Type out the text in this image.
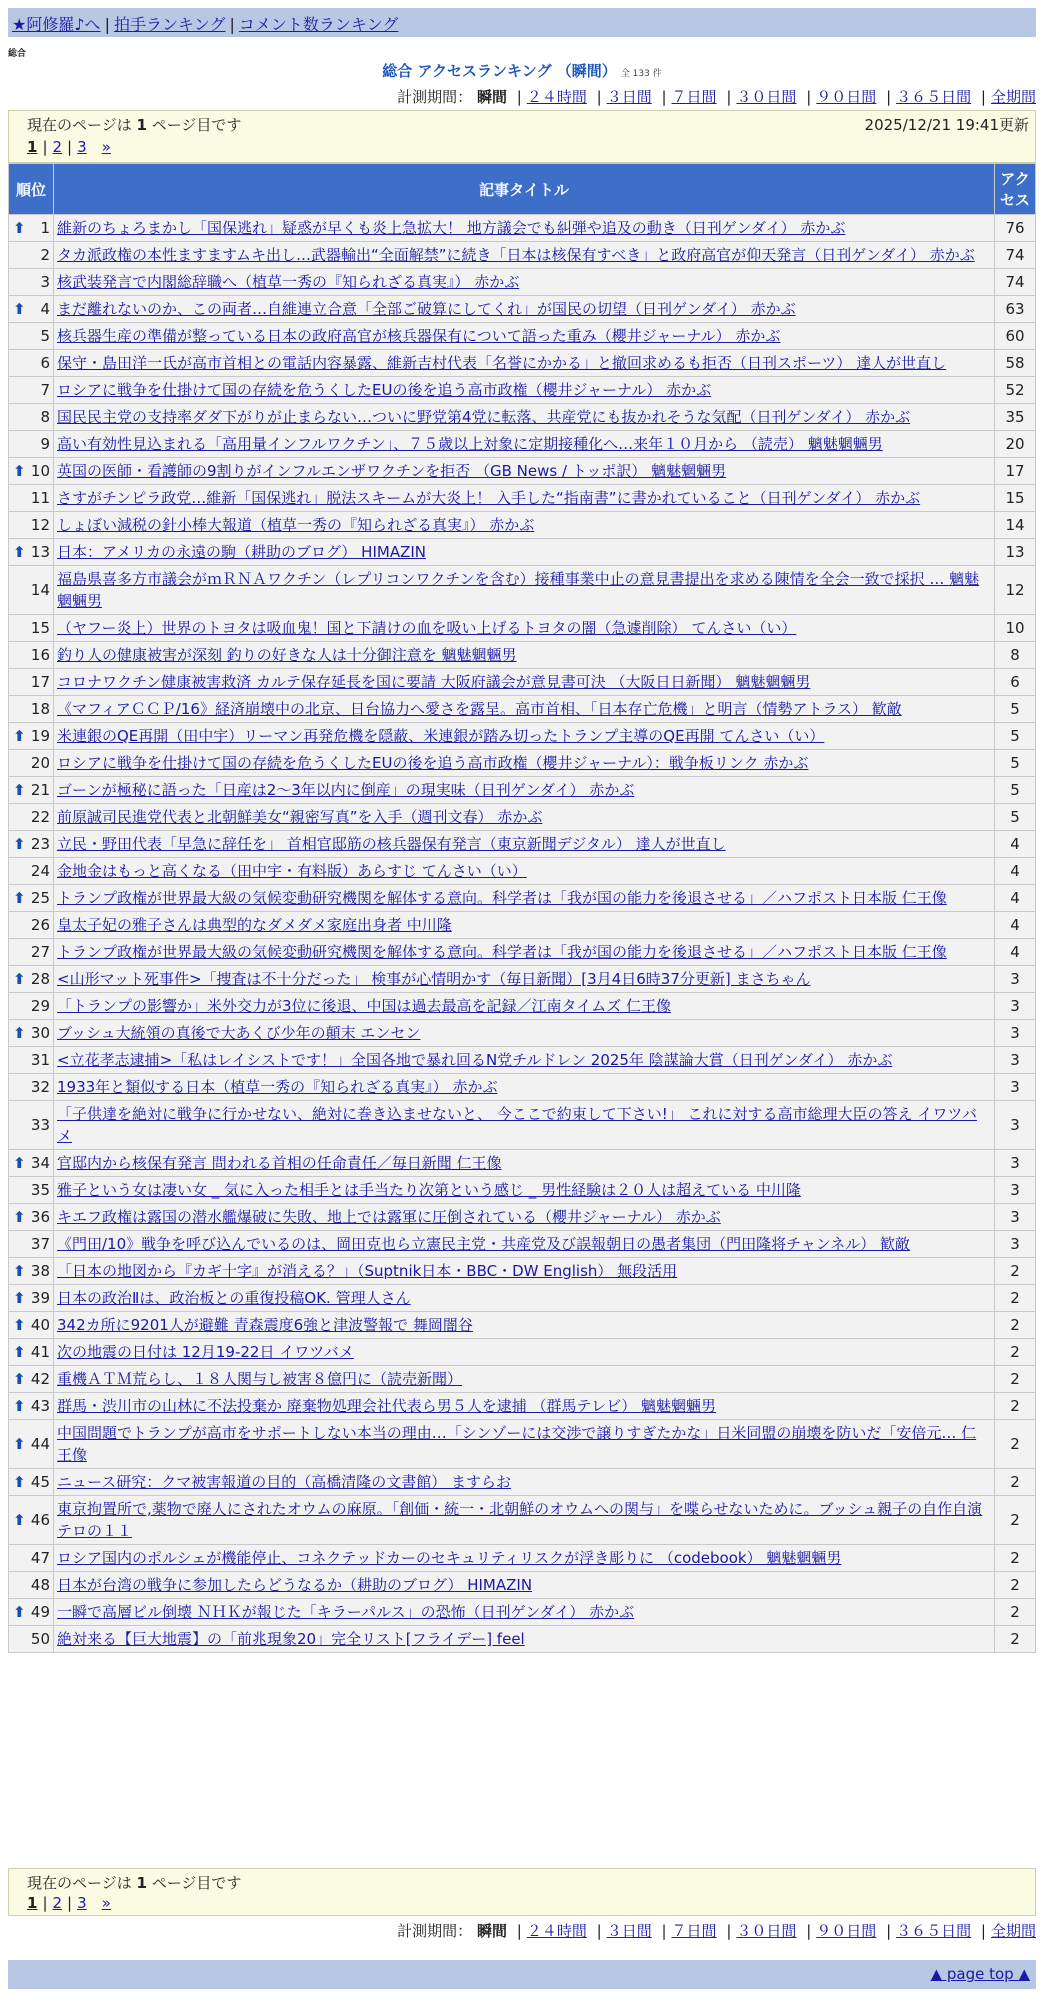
★阿修羅♪へ | 拍手ランキング | コメント数ランキング
総合
総合 アクセスランキング （瞬間） 全 133 件
計測期間： 瞬間 | ２４時間 | ３日間 | ７日間 | ３０日間 | ９０日間 | ３６５日間 | 全期間
現在のページは 1 ページ目です	2025/12/21 19:41更新
1 | 2 | 3 »
順位	記事タイトル	アクセス

⬆ 1	維新のちょろまかし「国保逃れ」疑惑が早くも炎上急拡大！ 地方議会でも糾弾や追及の動き（日刊ゲンダイ） 赤かぶ	76
2	タカ派政権の本性ますますムキ出し…武器輸出“全面解禁”に続き「日本は核保有すべき」と政府高官が仰天発言（日刊ゲンダイ） 赤かぶ	74
3	核武装発言で内閣総辞職へ（植草一秀の『知られざる真実』） 赤かぶ	74

⬆ 4	まだ離れないのか、この両者…自維連立合意「全部ご破算にしてくれ」が国民の切望（日刊ゲンダイ） 赤かぶ	63
5	核兵器生産の準備が整っている日本の政府高官が核兵器保有について語った重み（櫻井ジャーナル） 赤かぶ	60
6	保守・島田洋一氏が高市首相との電話内容暴露、維新吉村代表「名誉にかかる」と撤回求めるも拒否（日刊スポーツ） 達人が世直し	58
7	ロシアに戦争を仕掛けて国の存続を危うくしたEUの後を追う高市政権（櫻井ジャーナル） 赤かぶ	52
8	国民民主党の支持率ダダ下がりが止まらない…ついに野党第4党に転落、共産党にも抜かれそうな気配（日刊ゲンダイ） 赤かぶ	35
9	高い有効性見込まれる「高用量インフルワクチン」、７５歳以上対象に定期接種化へ…来年１０月から （読売） 魑魅魍魎男	20

⬆ 10	英国の医師・看護師の9割りがインフルエンザワクチンを拒否 （GB News / トッポ訳） 魑魅魍魎男	17
11	さすがチンピラ政党…維新「国保逃れ」脱法スキームが大炎上！ 入手した“指南書”に書かれていること（日刊ゲンダイ） 赤かぶ	15
12	しょぼい減税の針小棒大報道（植草一秀の『知られざる真実』） 赤かぶ	14

⬆ 13	日本：アメリカの永遠の駒（耕助のブログ） HIMAZIN	13
14	福島県喜多方市議会がｍＲＮＡワクチン（レプリコンワクチンを含む）接種事業中止の意見書提出を求める陳情を全会一致で採択 … 魑魅魍魎男	12
15	（ヤフー炎上）世界のトヨタは吸血鬼！国と下請けの血を吸い上げるトヨタの闇（急遽削除） てんさい（い）	10
16	釣り人の健康被害が深刻 釣りの好きな人は十分御注意を 魑魅魍魎男	8
17	コロナワクチン健康被害救済 カルテ保存延長を国に要請 大阪府議会が意見書可決 （大阪日日新聞） 魑魅魍魎男	6
18	《マフィアＣＣＰ/16》経済崩壊中の北京、日台協力へ愛さを露呈。高市首相、「日本存亡危機」と明言（情勢アトラス） 歓敵	5

⬆ 19	米連銀のQE再開（田中宇）リーマン再発危機を隠蔽、米連銀が踏み切ったトランプ主導のQE再開 てんさい（い）	5
20	ロシアに戦争を仕掛けて国の存続を危うくしたEUの後を追う高市政権（櫻井ジャーナル）：戦争板リンク 赤かぶ	5

⬆ 21	ゴーンが極秘に語った「日産は2～3年以内に倒産」の現実味（日刊ゲンダイ） 赤かぶ	5
22	前原誠司民進党代表と北朝鮮美女“親密写真”を入手（週刊文春） 赤かぶ	5

⬆ 23	立民・野田代表「早急に辞任を」 首相官邸筋の核兵器保有発言（東京新聞デジタル） 達人が世直し	4
24	金地金はもっと高くなる（田中宇・有料版）あらすじ てんさい（い）	4

⬆ 25	トランプ政権が世界最大級の気候変動研究機関を解体する意向。科学者は「我が国の能力を後退させる」／ハフポスト日本版 仁王像	4
26	皇太子妃の雅子さんは典型的なダメダメ家庭出身者 中川隆	4
27	トランプ政権が世界最大級の気候変動研究機関を解体する意向。科学者は「我が国の能力を後退させる」／ハフポスト日本版 仁王像	4

⬆ 28	<山形マット死事件>「捜査は不十分だった」 検事が心情明かす（毎日新聞）[3月4日6時37分更新] まさちゃん	3
29	「トランプの影響か」米外交力が3位に後退、中国は過去最高を記録／江南タイムズ 仁王像	3

⬆ 30	ブッシュ大統領の真後で大あくび少年の顛末 エンセン	3
31	<立花孝志逮捕>「私はレイシストです！」全国各地で暴れ回るN党チルドレン 2025年 陰謀論大賞（日刊ゲンダイ） 赤かぶ	3
32	1933年と類似する日本（植草一秀の『知られざる真実』） 赤かぶ	3
33	「子供達を絶対に戦争に行かせない、絶対に巻き込ませないと、 今ここで約束して下さい!」 これに対する高市総理大臣の答え イワツバメ	3

⬆ 34	官邸内から核保有発言 問われる首相の任命責任／毎日新聞 仁王像	3
35	雅子という女は凄い女 _ 気に入った相手とは手当たり次第という感じ _ 男性経験は２０人は超えている 中川隆	3

⬆ 36	キエフ政権は露国の潜水艦爆破に失敗、地上では露軍に圧倒されている（櫻井ジャーナル） 赤かぶ	3
37	《門田/10》戦争を呼び込んでいるのは、岡田克也ら立憲民主党・共産党及び誤報朝日の愚者集団（門田隆将チャンネル） 歓敵	3

⬆ 38	「日本の地図から『カギ十字』が消える？」（Suptnik日本・BBC・DW English） 無段活用	2

⬆ 39	日本の政治Ⅱは、政治板との重復投稿OK. 管理人さん	2

⬆ 40	342カ所に9201人が避難 青森震度6強と津波警報で 舞岡闇谷	2

⬆ 41	次の地震の日付は 12月19-22日 イワツバメ	2

⬆ 42	重機ＡＴＭ荒らし、１８人関与し被害８億円に（読売新聞）	2

⬆ 43	群馬・渋川市の山林に不法投棄か 廃棄物処理会社代表ら男５人を逮捕 （群馬テレビ） 魑魅魍魎男	2

⬆ 44	中国問題でトランプが高市をサポートしない本当の理由…「シンゾーには交渉で譲りすぎたかな」日米同盟の崩壊を防いだ「安倍元… 仁王像	2

⬆ 45	ニュース研究：クマ被害報道の目的（高橋清隆の文書館） ますらお	2

⬆ 46	東京拘置所で,薬物で廃人にされたオウムの麻原。「創価・統一・北朝鮮のオウムへの関与」を喋らせないために。ブッシュ親子の自作自演テロの１１	2
47	ロシア国内のポルシェが機能停止、コネクテッドカーのセキュリティリスクが浮き彫りに （codebook） 魑魅魍魎男	2
48	日本が台湾の戦争に参加したらどうなるか（耕助のブログ） HIMAZIN	2

⬆ 49	一瞬で高層ビル倒壊 ＮＨＫが報じた「キラーパルス」の恐怖（日刊ゲンダイ） 赤かぶ	2
50	絶対来る【巨大地震】の「前兆現象20」完全リスト[フライデー] feel	2
現在のページは 1 ページ目です
1 | 2 | 3 »
計測期間： 瞬間 | ２４時間 | ３日間 | ７日間 | ３０日間 | ９０日間 | ３６５日間 | 全期間
▲ page top ▲
